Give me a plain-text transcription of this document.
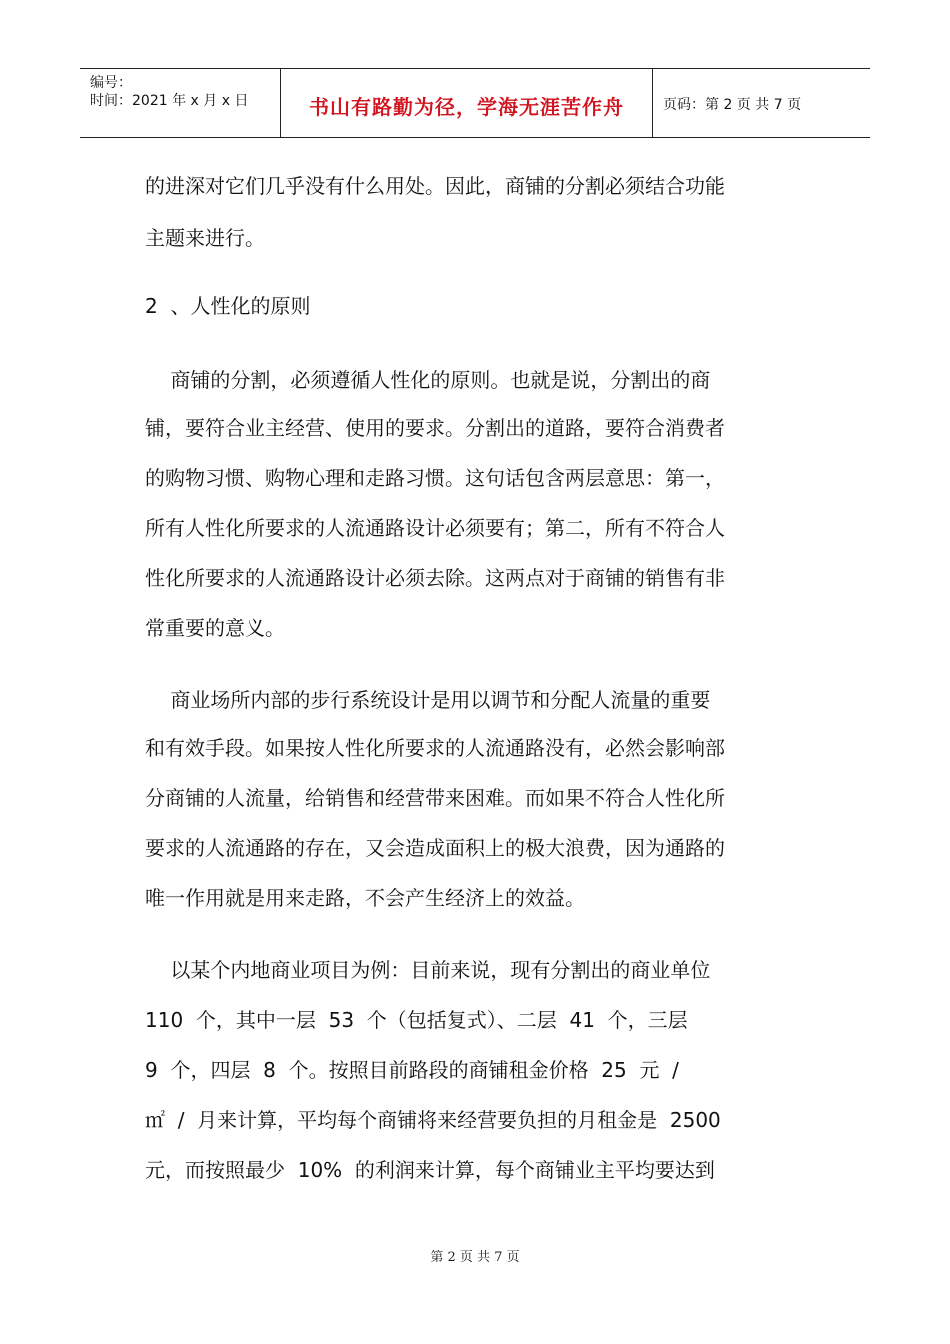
编号：
时间：2021 年 x 月 x 日	书山有路勤为径，学海无涯苦作舟	页码：第 2 页 共 7 页
的进深对它们几乎没有什么用处。因此，商铺的分割必须结合功能
主题来进行。
2  、人性化的原则
商铺的分割，必须遵循人性化的原则。也就是说，分割出的商
铺，要符合业主经营、使用的要求。分割出的道路，要符合消费者
的购物习惯、购物心理和走路习惯。这句话包含两层意思：第一，
所有人性化所要求的人流通路设计必须要有；第二，所有不符合人
性化所要求的人流通路设计必须去除。这两点对于商铺的销售有非
常重要的意义。
商业场所内部的步行系统设计是用以调节和分配人流量的重要
和有效手段。如果按人性化所要求的人流通路没有，必然会影响部
分商铺的人流量，给销售和经营带来困难。而如果不符合人性化所
要求的人流通路的存在，又会造成面积上的极大浪费，因为通路的
唯一作用就是用来走路，不会产生经济上的效益。
以某个内地商业项目为例：目前来说，现有分割出的商业单位
110  个，其中一层  53  个（包括复式）、二层  41  个，三层
9  个，四层  8  个。按照目前路段的商铺租金价格  25  元  /
㎡  /  月来计算，平均每个商铺将来经营要负担的月租金是  2500
元，而按照最少  10%  的利润来计算，每个商铺业主平均要达到
第 2 页 共 7 页
